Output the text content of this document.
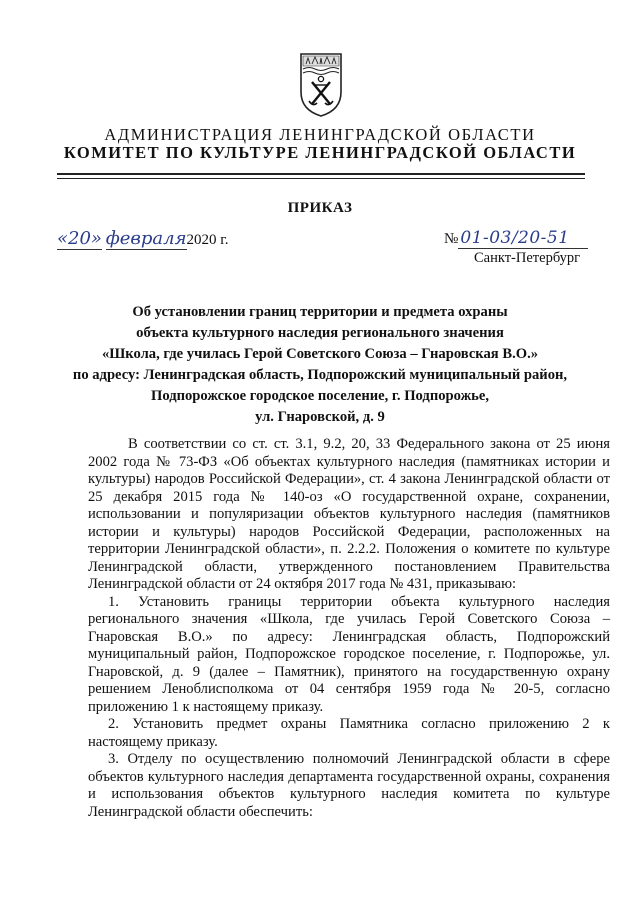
АДМИНИСТРАЦИЯ ЛЕНИНГРАДСКОЙ ОБЛАСТИ
КОМИТЕТ ПО КУЛЬТУРЕ ЛЕНИНГРАДСКОЙ ОБЛАСТИ
ПРИКАЗ
«20» февраля2020 г.	№ 01-03/20-51
Санкт-Петербург
Об установлении границ территории и предмета охраны
объекта культурного наследия регионального значения
«Школа, где училась Герой Советского Союза – Гнаровская В.О.»
по адресу: Ленинградская область, Подпорожский муниципальный район,
Подпорожское городское поселение, г. Подпорожье,
ул. Гнаровской, д. 9

В соответствии со ст. ст. 3.1, 9.2, 20, 33 Федерального закона от 25 июня 2002 года № 73-ФЗ «Об объектах культурного наследия (памятниках истории и культуры) народов Российской Федерации», ст. 4 закона Ленинградской области от 25 декабря 2015 года № 140-оз «О государственной охране, сохранении, использовании и популяризации объектов культурного наследия (памятников истории и культуры) народов Российской Федерации, расположенных на территории Ленинградской области», п. 2.2.2. Положения о комитете по культуре Ленинградской области, утвержденного постановлением Правительства Ленинградской области от 24 октября 2017 года № 431, приказываю:

1. Установить границы территории объекта культурного наследия регионального значения «Школа, где училась Герой Советского Союза – Гнаровская В.О.» по адресу: Ленинградская область, Подпорожский муниципальный район, Подпорожское городское поселение, г. Подпорожье, ул. Гнаровской, д. 9 (далее – Памятник), принятого на государственную охрану решением Леноблисполкома от 04 сентября 1959 года № 20-5, согласно приложению 1 к настоящему приказу.

2. Установить предмет охраны Памятника согласно приложению 2 к настоящему приказу.

3. Отделу по осуществлению полномочий Ленинградской области в сфере объектов культурного наследия департамента государственной охраны, сохранения и использования объектов культурного наследия комитета по культуре Ленинградской области обеспечить:
